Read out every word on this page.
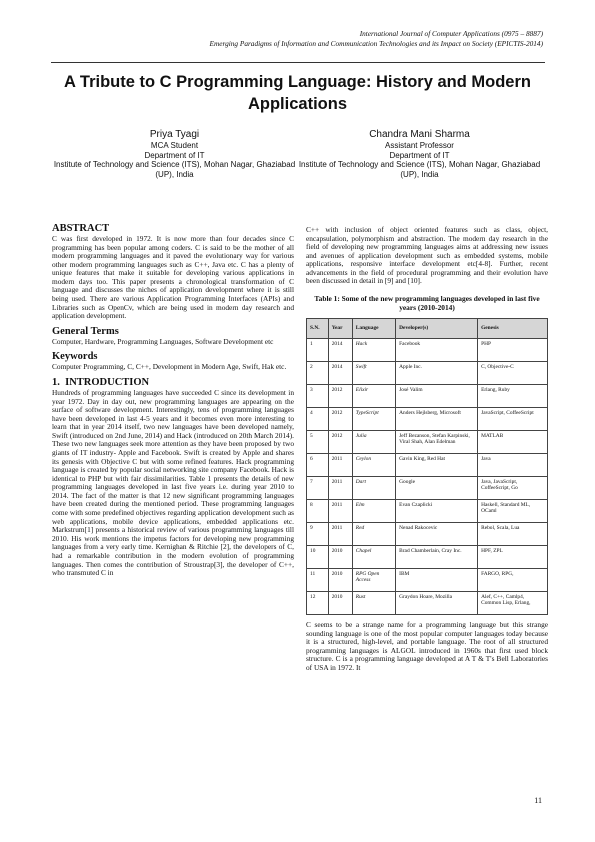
International Journal of Computer Applications (0975 – 8887)
Emerging Paradigms of Information and Communication Technologies and its Impact on Society (EPICTIS-2014)
A Tribute to C Programming Language: History and Modern Applications
Priya Tyagi
MCA Student
Department of IT
Institute of Technology and Science (ITS), Mohan Nagar, Ghaziabad (UP), India
Chandra Mani Sharma
Assistant Professor
Department of IT
Institute of Technology and Science (ITS), Mohan Nagar, Ghaziabad (UP), India
ABSTRACT

C was first developed in 1972. It is now more than four decades since C programming has been popular among coders. C is said to be the mother of all modern programming languages and it paved the evolutionary way for various other modern programming languages such as C++, Java etc. C has a plenty of unique features that make it suitable for developing various applications in modern days too. This paper presents a chronological transformation of C language and discusses the niches of application development where it is still being used. There are various Application Programming Interfaces (APIs) and Libraries such as OpenCv, which are being used in modern day research and application development.

General Terms

Computer, Hardware, Programming Languages, Software Development etc

Keywords

Computer Programming, C, C++, Development in Modern Age, Swift, Hak etc.

1. INTRODUCTION

Hundreds of programming languages have succeeded C since its development in year 1972. Day in day out, new programming languages are appearing on the surface of software development. Interestingly, tens of programming languages have been developed in last 4-5 years and it becomes even more interesting to learn that in year 2014 itself, two new languages have been developed namely, Swift (introduced on 2nd June, 2014) and Hack (introduced on 20th March 2014). These two new languages seek more attention as they have been proposed by two giants of IT industry- Apple and Facebook. Swift is created by Apple and shares its genesis with Objective C but with some refined features. Hack programming language is created by popular social networking site company Facebook. Hack is identical to PHP but with fair dissimilarities. Table 1 presents the details of new programming languages developed in last five years i.e. during year 2010 to 2014. The fact of the matter is that 12 new significant programming languages have been created during the mentioned period. These programming languages come with some predefined objectives regarding application development such as web applications, mobile device applications, embedded applications etc. Markstrum[1] presents a historical review of various programming languages till 2010. His work mentions the impetus factors for developing new programming languages from a very early time. Kernighan & Ritchie [2], the developers of C, had a remarkable contribution in the modern evolution of programming languages. Then comes the contribution of Stroustrap[3], the developer of C++, who transmuted C in

C++ with inclusion of object oriented features such as class, object, encapsulation, polymorphism and abstraction. The modern day research in the field of developing new programming languages aims at addressing new issues and avenues of application development such as embedded systems, mobile applications, responsive interface development etc[4-8]. Further, recent advancements in the field of procedural programming and their evolution have been discussed in detail in [9] and [10].

Table 1: Some of the new programming languages developed in last five years (2010-2014)
S.N.	Year	Language	Developer(s)	Genesis
1	2014	Hack	Facebook	PHP
2	2014	Swift	Apple Inc.	C, Objective-C
3	2012	Elixir	José Valim	Erlang, Ruby
4	2012	TypeScript	Anders Hejlsberg, Microsoft	JavaScript, CoffeeScript
5	2012	Julia	Jeff Bezanson, Stefan Karpinski, Viral Shah, Alan Edelman	MATLAB
6	2011	Ceylon	Gavin King, Red Hat	Java
7	2011	Dart	Google	Java, JavaScript, CoffeeScript, Go
8	2011	Elm	Evan Czaplicki	Haskell, Standard ML, OCaml
9	2011	Red	Nenad Rakocevic	Rebol, Scala, Lua
10	2010	Chapel	Brad Chamberlain, Cray Inc.	HPF, ZPL
11	2010	RPG Open Access	IBM	FARGO, RPG,
12	2010	Rust	Graydon Hoare, Mozilla	Alef, C++, Camlp4, Common Lisp, Erlang,

C seems to be a strange name for a programming language but this strange sounding language is one of the most popular computer languages today because it is a structured, high-level, and portable language. The root of all structured programming languages is ALGOL introduced in 1960s that first used block structure. C is a programming language developed at A T & T's Bell Laboratories of USA in 1972. It

11
